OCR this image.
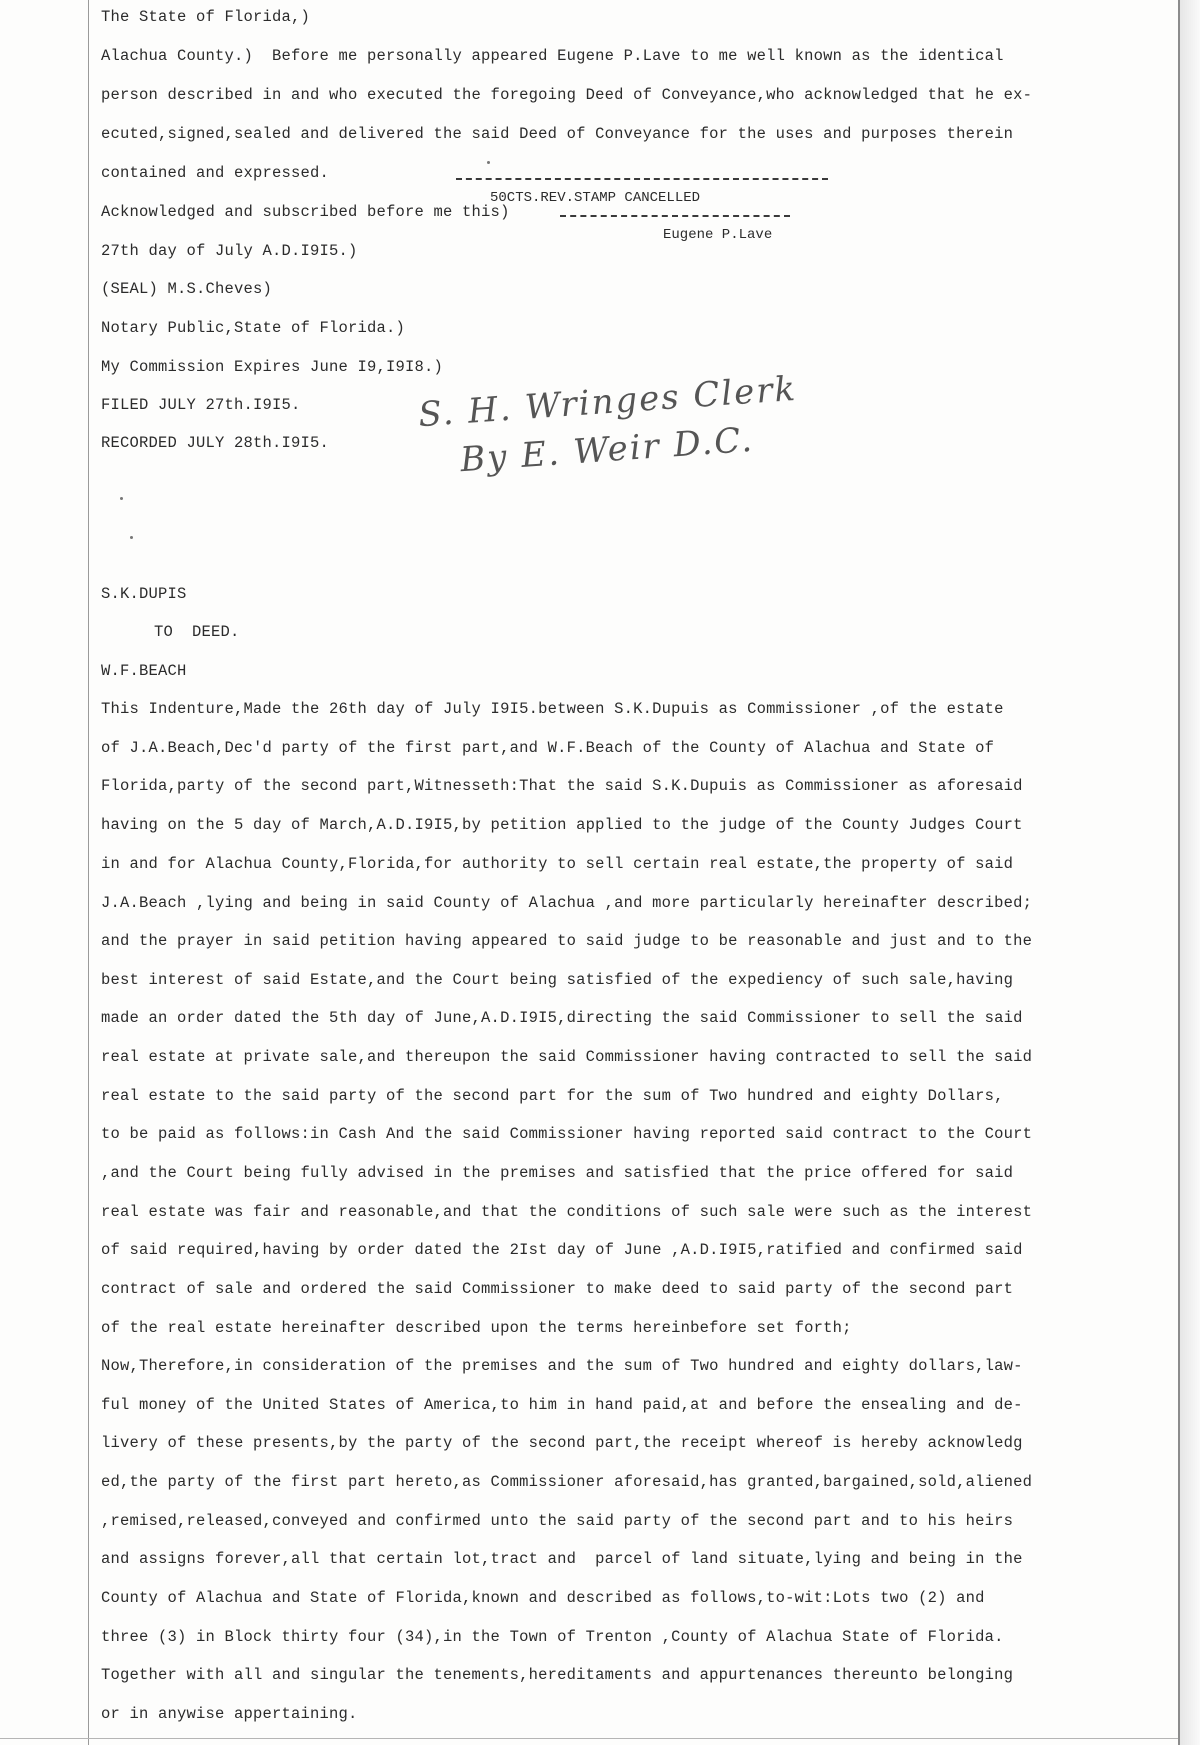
The State of Florida,)
Alachua County.)  Before me personally appeared Eugene P.Lave to me well known as the identical
person described in and who executed the foregoing Deed of Conveyance,who acknowledged that he ex-
ecuted,signed,sealed and delivered the said Deed of Conveyance for the uses and purposes therein
contained and expressed.
50CTS.REV.STAMP CANCELLED
Acknowledged and subscribed before me this)
Eugene P.Lave
27th day of July A.D.I9I5.)
(SEAL) M.S.Cheves)
Notary Public,State of Florida.)
My Commission Expires June I9,I9I8.)
FILED JULY 27th.I9I5.
RECORDED JULY 28th.I9I5.
S. H. Wringes Clerk
By E. Weir D.C.
S.K.DUPIS
TO  DEED.
W.F.BEACH
This Indenture,Made the 26th day of July I9I5.between S.K.Dupuis as Commissioner ,of the estate
of J.A.Beach,Dec'd party of the first part,and W.F.Beach of the County of Alachua and State of
Florida,party of the second part,Witnesseth:That the said S.K.Dupuis as Commissioner as aforesaid
having on the 5 day of March,A.D.I9I5,by petition applied to the judge of the County Judges Court
in and for Alachua County,Florida,for authority to sell certain real estate,the property of said
J.A.Beach ,lying and being in said County of Alachua ,and more particularly hereinafter described;
and the prayer in said petition having appeared to said judge to be reasonable and just and to the
best interest of said Estate,and the Court being satisfied of the expediency of such sale,having
made an order dated the 5th day of June,A.D.I9I5,directing the said Commissioner to sell the said
real estate at private sale,and thereupon the said Commissioner having contracted to sell the said
real estate to the said party of the second part for the sum of Two hundred and eighty Dollars,
to be paid as follows:in Cash And the said Commissioner having reported said contract to the Court
,and the Court being fully advised in the premises and satisfied that the price offered for said
real estate was fair and reasonable,and that the conditions of such sale were such as the interest
of said required,having by order dated the 2Ist day of June ,A.D.I9I5,ratified and confirmed said
contract of sale and ordered the said Commissioner to make deed to said party of the second part
of the real estate hereinafter described upon the terms hereinbefore set forth;
Now,Therefore,in consideration of the premises and the sum of Two hundred and eighty dollars,law-
ful money of the United States of America,to him in hand paid,at and before the ensealing and de-
livery of these presents,by the party of the second part,the receipt whereof is hereby acknowledg
ed,the party of the first part hereto,as Commissioner aforesaid,has granted,bargained,sold,aliened
,remised,released,conveyed and confirmed unto the said party of the second part and to his heirs
and assigns forever,all that certain lot,tract and  parcel of land situate,lying and being in the
County of Alachua and State of Florida,known and described as follows,to-wit:Lots two (2) and
three (3) in Block thirty four (34),in the Town of Trenton ,County of Alachua State of Florida.
Together with all and singular the tenements,hereditaments and appurtenances thereunto belonging
or in anywise appertaining.
